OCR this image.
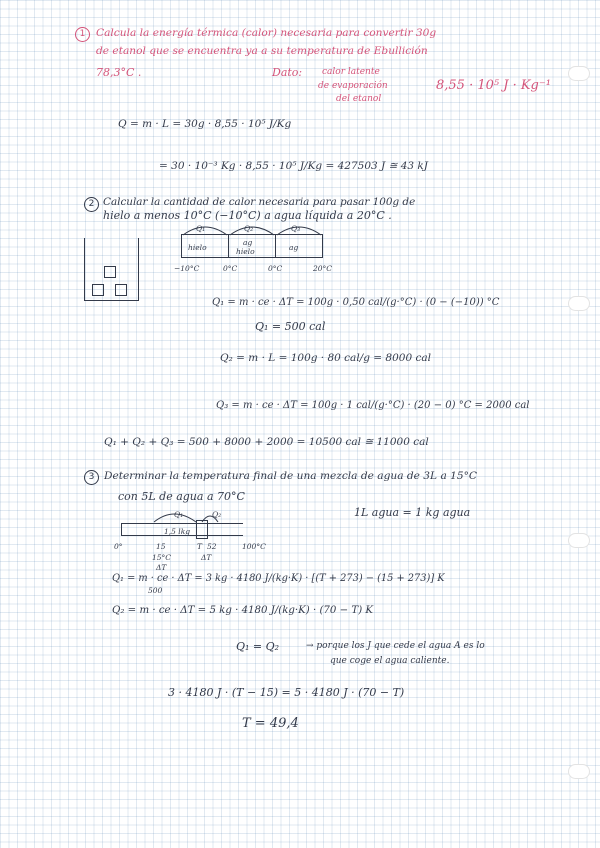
1	Calcula la energía térmica (calor) necesaria para convertir 30g
de etanol que se encuentra ya a su temperatura de Ebullición
78,3°C .	Dato: calor latente
de evaporación
del etanol
8,55 · 10⁵ J · Kg⁻¹
Q = m · L = 30g · 8,55 · 10⁵ J/Kg
= 30 · 10⁻³ Kg · 8,55 · 10⁵ J/Kg = 427503 J ≅ 43 kJ
2 Calcular la cantidad de calor necesaria para pasar 100g de
hielo a menos 10°C (−10°C) a agua líquida a 20°C .
hielo
ag
hielo	ag
Q₁	Q₂	Q₃
−10°C	0°C	0°C	20°C
Q₁ = m · ce · ΔT = 100g · 0,50 cal/(g·°C) · (0 − (−10)) °C
Q₁ = 500 cal
Q₂ = m · L = 100g · 80 cal/g = 8000 cal
Q₃ = m · ce · ΔT = 100g · 1 cal/(g·°C) · (20 − 0) °C = 2000 cal
Q₁ + Q₂ + Q₃ = 500 + 8000 + 2000 = 10500 cal ≅ 11000 cal
3 Determinar la temperatura final de una mezcla de agua de 3L a 15°C
con 5L de agua a 70°C
1L agua = 1 kg agua
Q₁	Q₂
1,5 lkg
0°	15	T 52	100°C
15°C
ΔT
ΔT
500
Q₁ = m · ce · ΔT = 3 kg · 4180 J/(kg·K) · [(T + 273) − (15 + 273)] K
Q₂ = m · ce · ΔT = 5 kg · 4180 J/(kg·K) · (70 − T) K
Q₁ = Q₂	→ porque los J que cede el agua A es lo
que coge el agua caliente.
3 · 4180 J · (T − 15) = 5 · 4180 J · (70 − T)
T = 49,4
